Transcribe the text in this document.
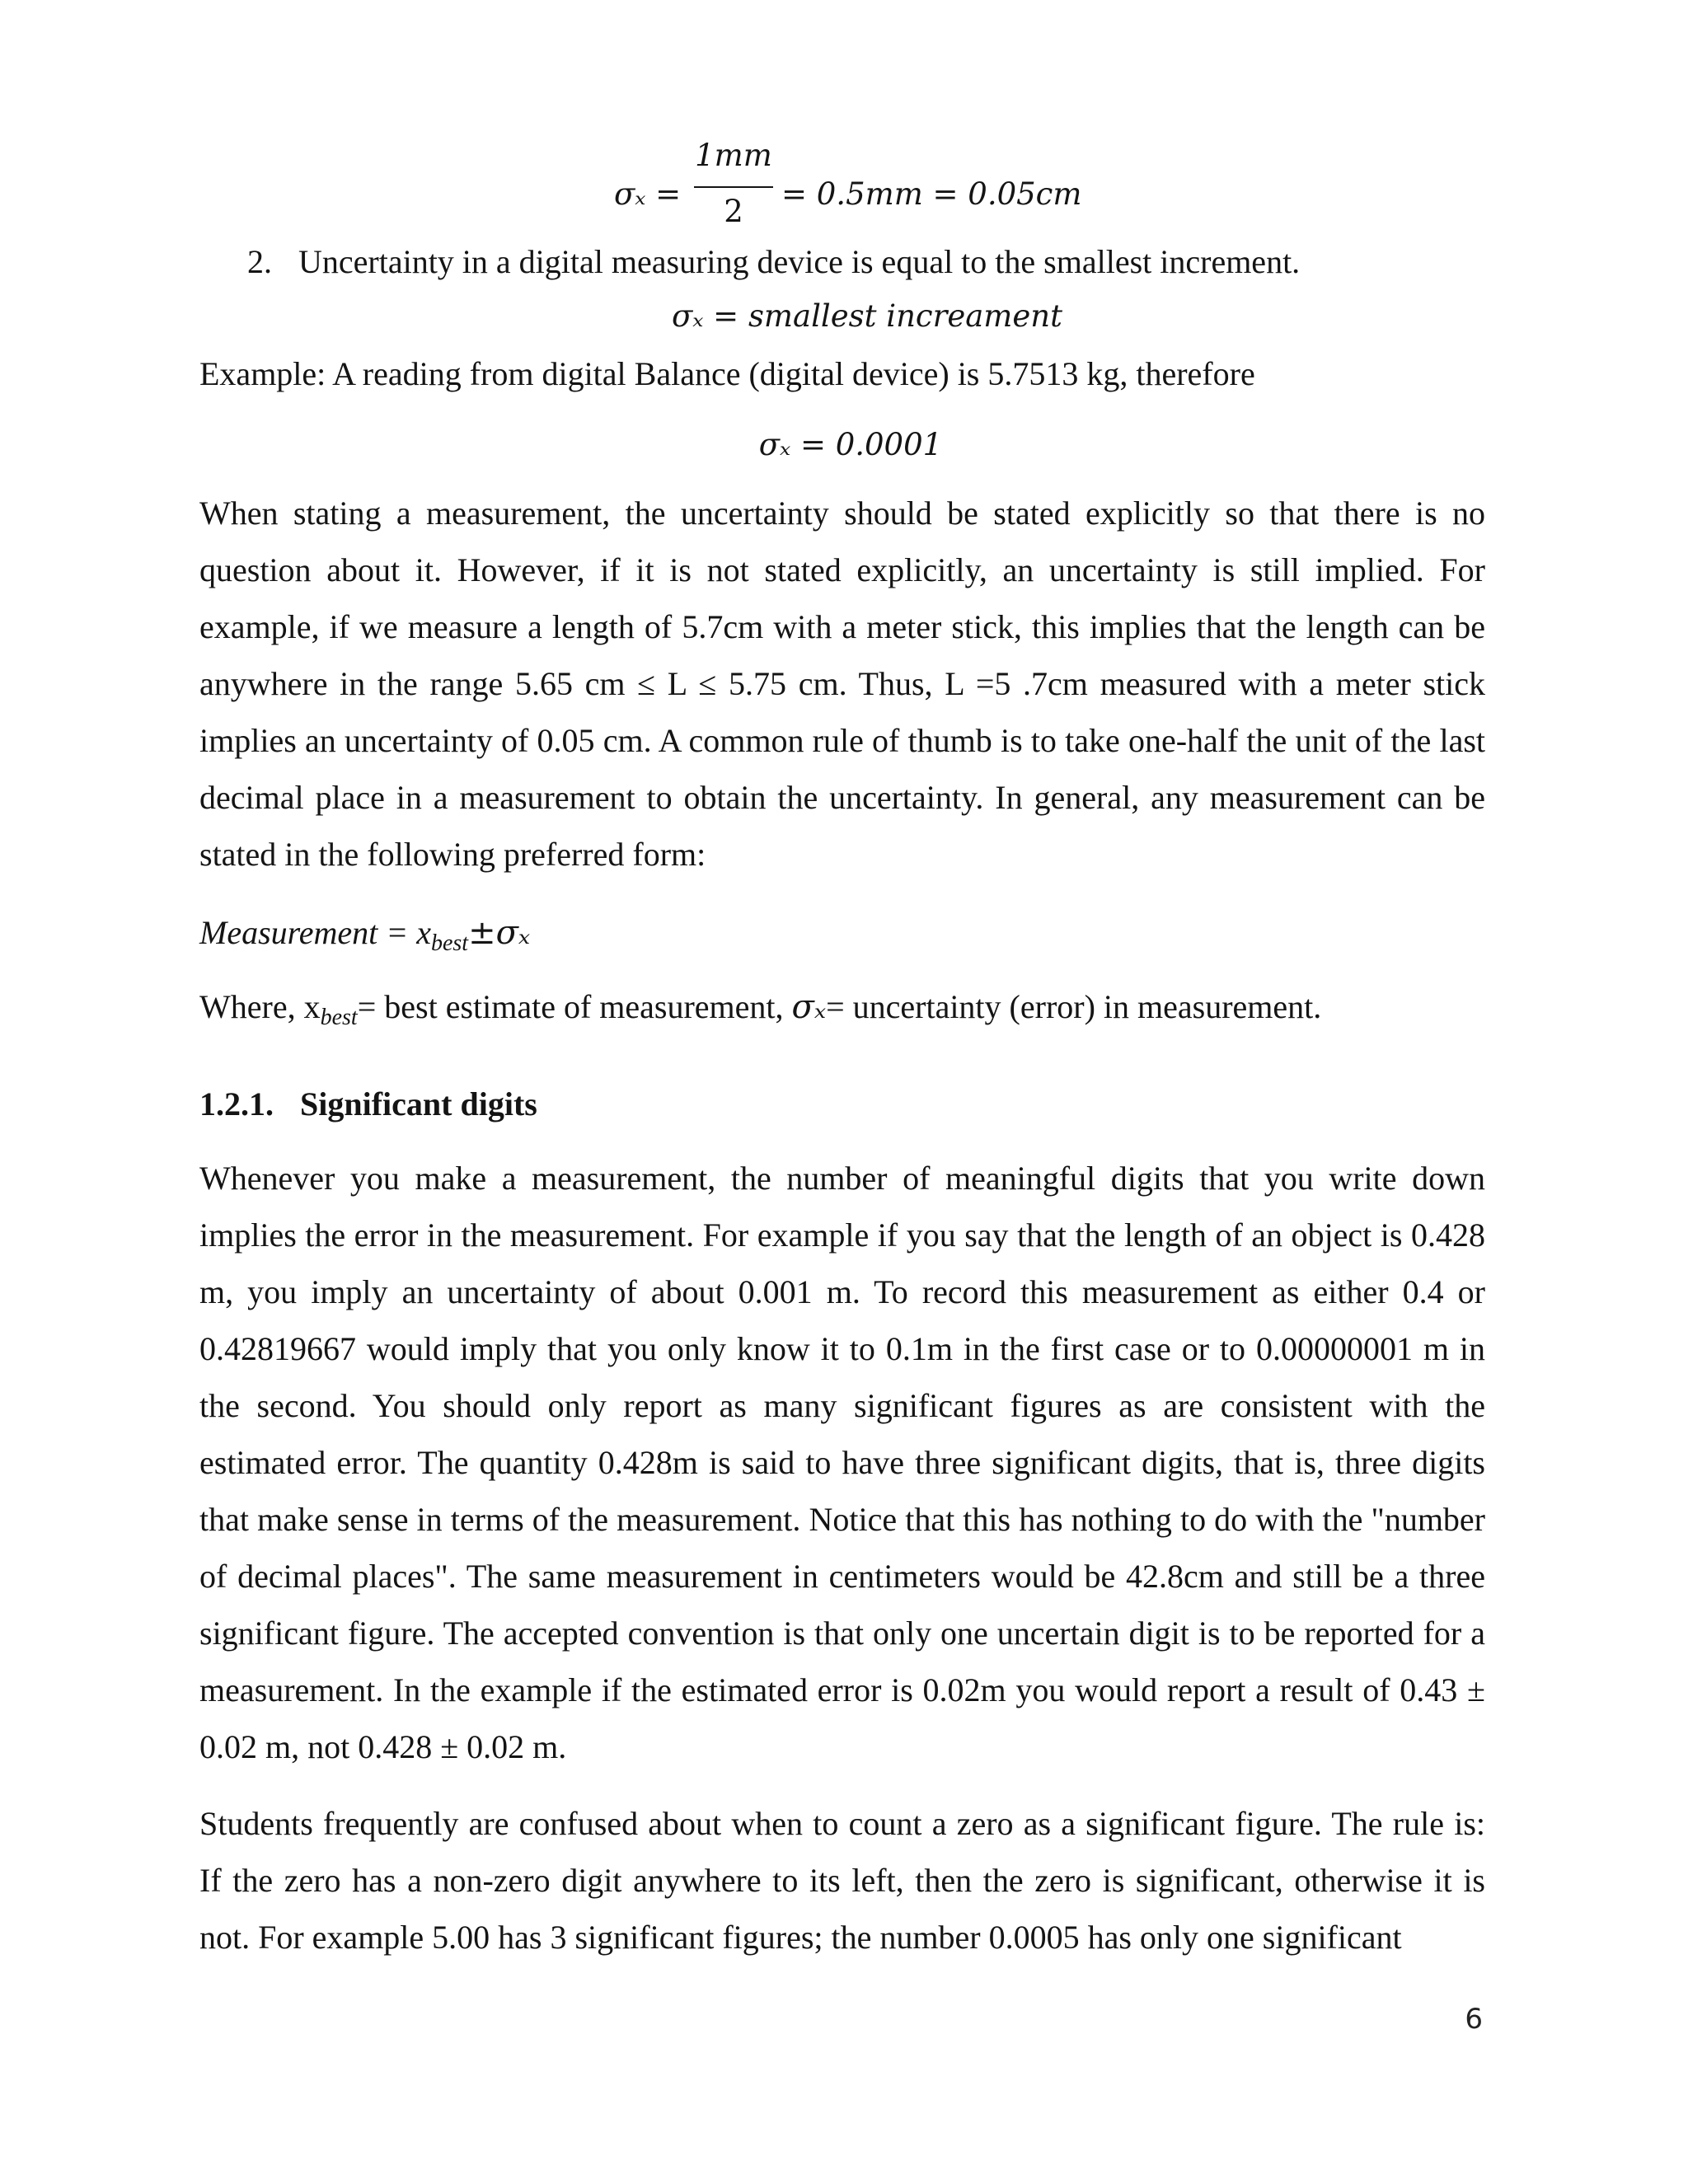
σₓ =
1mm
2	= 0.5mm = 0.05cm
2. Uncertainty in a digital measuring device is equal to the smallest increment.
σₓ = smallest increament
Example: A reading from digital Balance (digital device) is 5.7513 kg, therefore
σₓ = 0.0001

When stating a measurement, the uncertainty should be stated explicitly so that there is no question about it. However, if it is not stated explicitly, an uncertainty is still implied. For example, if we measure a length of 5.7cm with a meter stick, this implies that the length can be anywhere in the range 5.65 cm ≤ L ≤ 5.75 cm. Thus, L =5 .7cm measured with a meter stick implies an uncertainty of 0.05 cm. A common rule of thumb is to take one-half the unit of the last decimal place in a measurement to obtain the uncertainty. In general, any measurement can be stated in the following preferred form:

Measurement = $x_{best}\pm\sigma_x$
Where, $x_{best}=$ best estimate of measurement, σₓ= uncertainty (error) in measurement.
1.2.1. Significant digits

Whenever you make a measurement, the number of meaningful digits that you write down implies the error in the measurement. For example if you say that the length of an object is 0.428 m, you imply an uncertainty of about 0.001 m. To record this measurement as either 0.4 or 0.42819667 would imply that you only know it to 0.1m in the first case or to 0.00000001 m in the second. You should only report as many significant figures as are consistent with the estimated error. The quantity 0.428m is said to have three significant digits, that is, three digits that make sense in terms of the measurement. Notice that this has nothing to do with the "number of decimal places". The same measurement in centimeters would be 42.8cm and still be a three significant figure. The accepted convention is that only one uncertain digit is to be reported for a measurement. In the example if the estimated error is 0.02m you would report a result of 0.43 ± 0.02 m, not 0.428 ± 0.02 m.

Students frequently are confused about when to count a zero as a significant figure. The rule is: If the zero has a non-zero digit anywhere to its left, then the zero is significant, otherwise it is not. For example 5.00 has 3 significant figures; the number 0.0005 has only one significant

6
